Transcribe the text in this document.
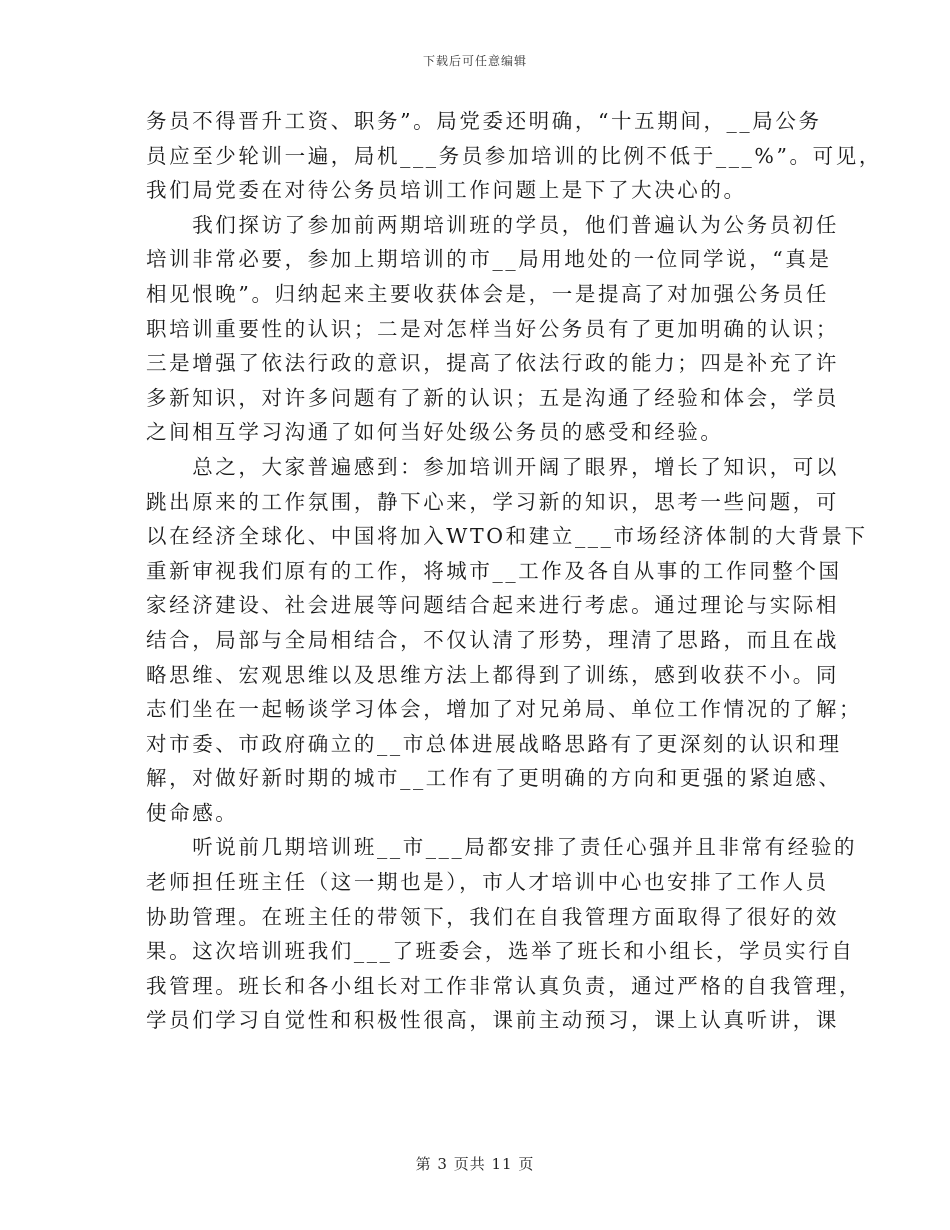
下载后可任意编辑
务员不得晋升工资、职务”。局党委还明确，“十五期间，__局公务
员应至少轮训一遍，局机___务员参加培训的比例不低于___%”。可见，
我们局党委在对待公务员培训工作问题上是下了大决心的。
　　我们探访了参加前两期培训班的学员，他们普遍认为公务员初任
培训非常必要，参加上期培训的市__局用地处的一位同学说，“真是
相见恨晚”。归纳起来主要收获体会是，一是提高了对加强公务员任
职培训重要性的认识；二是对怎样当好公务员有了更加明确的认识；
三是增强了依法行政的意识，提高了依法行政的能力；四是补充了许
多新知识，对许多问题有了新的认识；五是沟通了经验和体会，学员
之间相互学习沟通了如何当好处级公务员的感受和经验。
　　总之，大家普遍感到：参加培训开阔了眼界，增长了知识，可以
跳出原来的工作氛围，静下心来，学习新的知识，思考一些问题，可
以在经济全球化、中国将加入WTO和建立___市场经济体制的大背景下
重新审视我们原有的工作，将城市__工作及各自从事的工作同整个国
家经济建设、社会进展等问题结合起来进行考虑。通过理论与实际相
结合，局部与全局相结合，不仅认清了形势，理清了思路，而且在战
略思维、宏观思维以及思维方法上都得到了训练，感到收获不小。同
志们坐在一起畅谈学习体会，增加了对兄弟局、单位工作情况的了解；
对市委、市政府确立的__市总体进展战略思路有了更深刻的认识和理
解，对做好新时期的城市__工作有了更明确的方向和更强的紧迫感、
使命感。
　　听说前几期培训班__市___局都安排了责任心强并且非常有经验的
老师担任班主任（这一期也是），市人才培训中心也安排了工作人员
协助管理。在班主任的带领下，我们在自我管理方面取得了很好的效
果。这次培训班我们___了班委会，选举了班长和小组长，学员实行自
我管理。班长和各小组长对工作非常认真负责，通过严格的自我管理，
学员们学习自觉性和积极性很高，课前主动预习，课上认真听讲，课
第 3 页共 11 页
